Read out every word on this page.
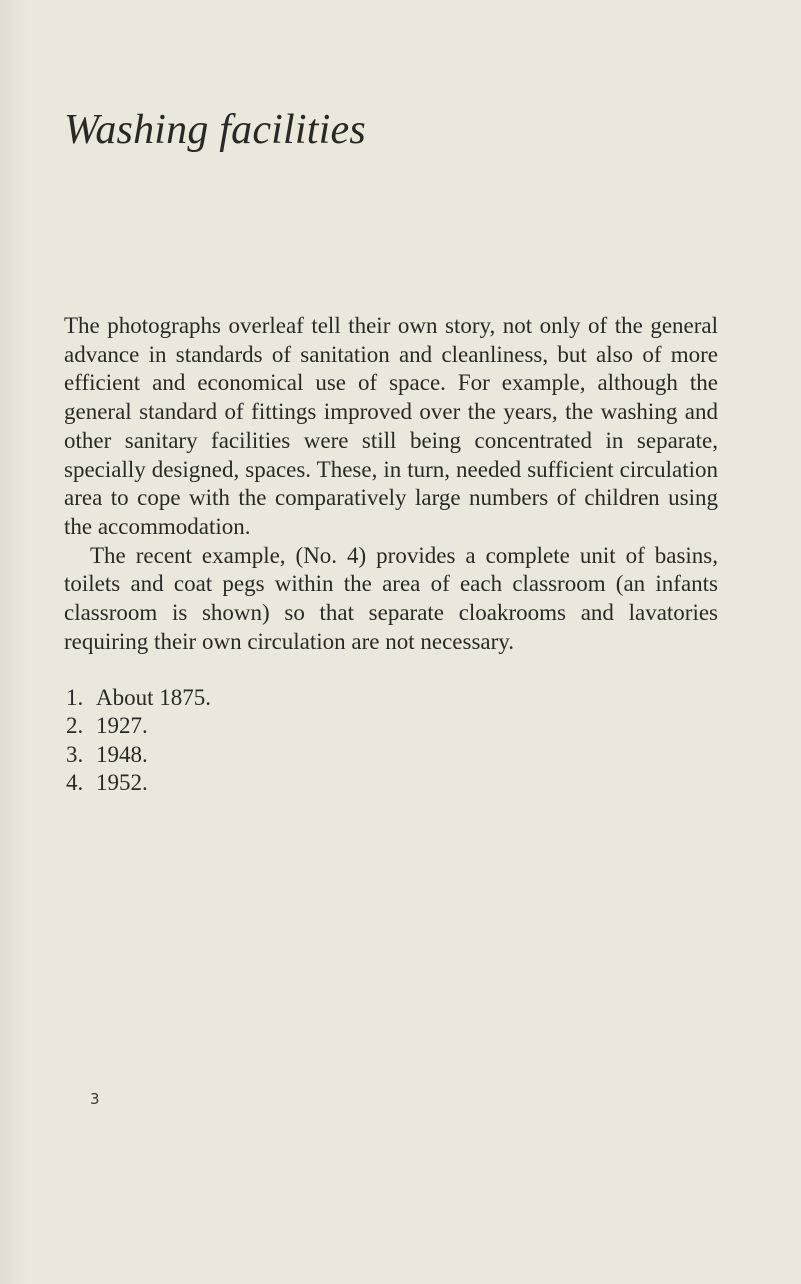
Washing facilities

The photographs overleaf tell their own story, not only of the general advance in standards of sanitation and cleanliness, but also of more efficient and economical use of space. For example, although the general standard of fittings improved over the years, the washing and other sanitary facilities were still being concentrated in separate, specially designed, spaces. These, in turn, needed sufficient circulation area to cope with the comparatively large numbers of children using the accommodation.

The recent example, (No. 4) provides a complete unit of basins, toilets and coat pegs within the area of each classroom (an infants classroom is shown) so that separate cloakrooms and lavatories requiring their own circulation are not necessary.

1. About 1875.
2. 1927.
3. 1948.
4. 1952.
3
